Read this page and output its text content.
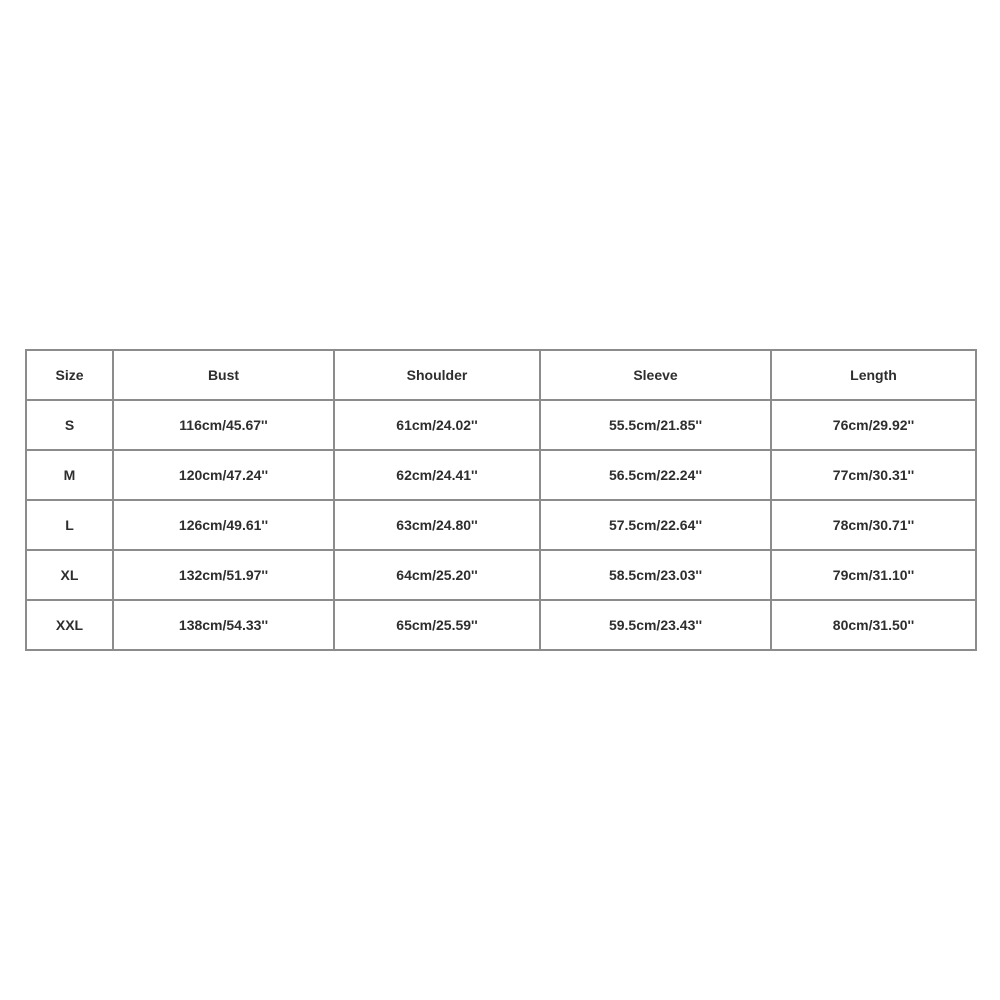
Size	Bust	Shoulder	Sleeve	Length
S	116cm/45.67''	61cm/24.02''	55.5cm/21.85''	76cm/29.92''
M	120cm/47.24''	62cm/24.41''	56.5cm/22.24''	77cm/30.31''
L	126cm/49.61''	63cm/24.80''	57.5cm/22.64''	78cm/30.71''
XL	132cm/51.97''	64cm/25.20''	58.5cm/23.03''	79cm/31.10''
XXL	138cm/54.33''	65cm/25.59''	59.5cm/23.43''	80cm/31.50''
